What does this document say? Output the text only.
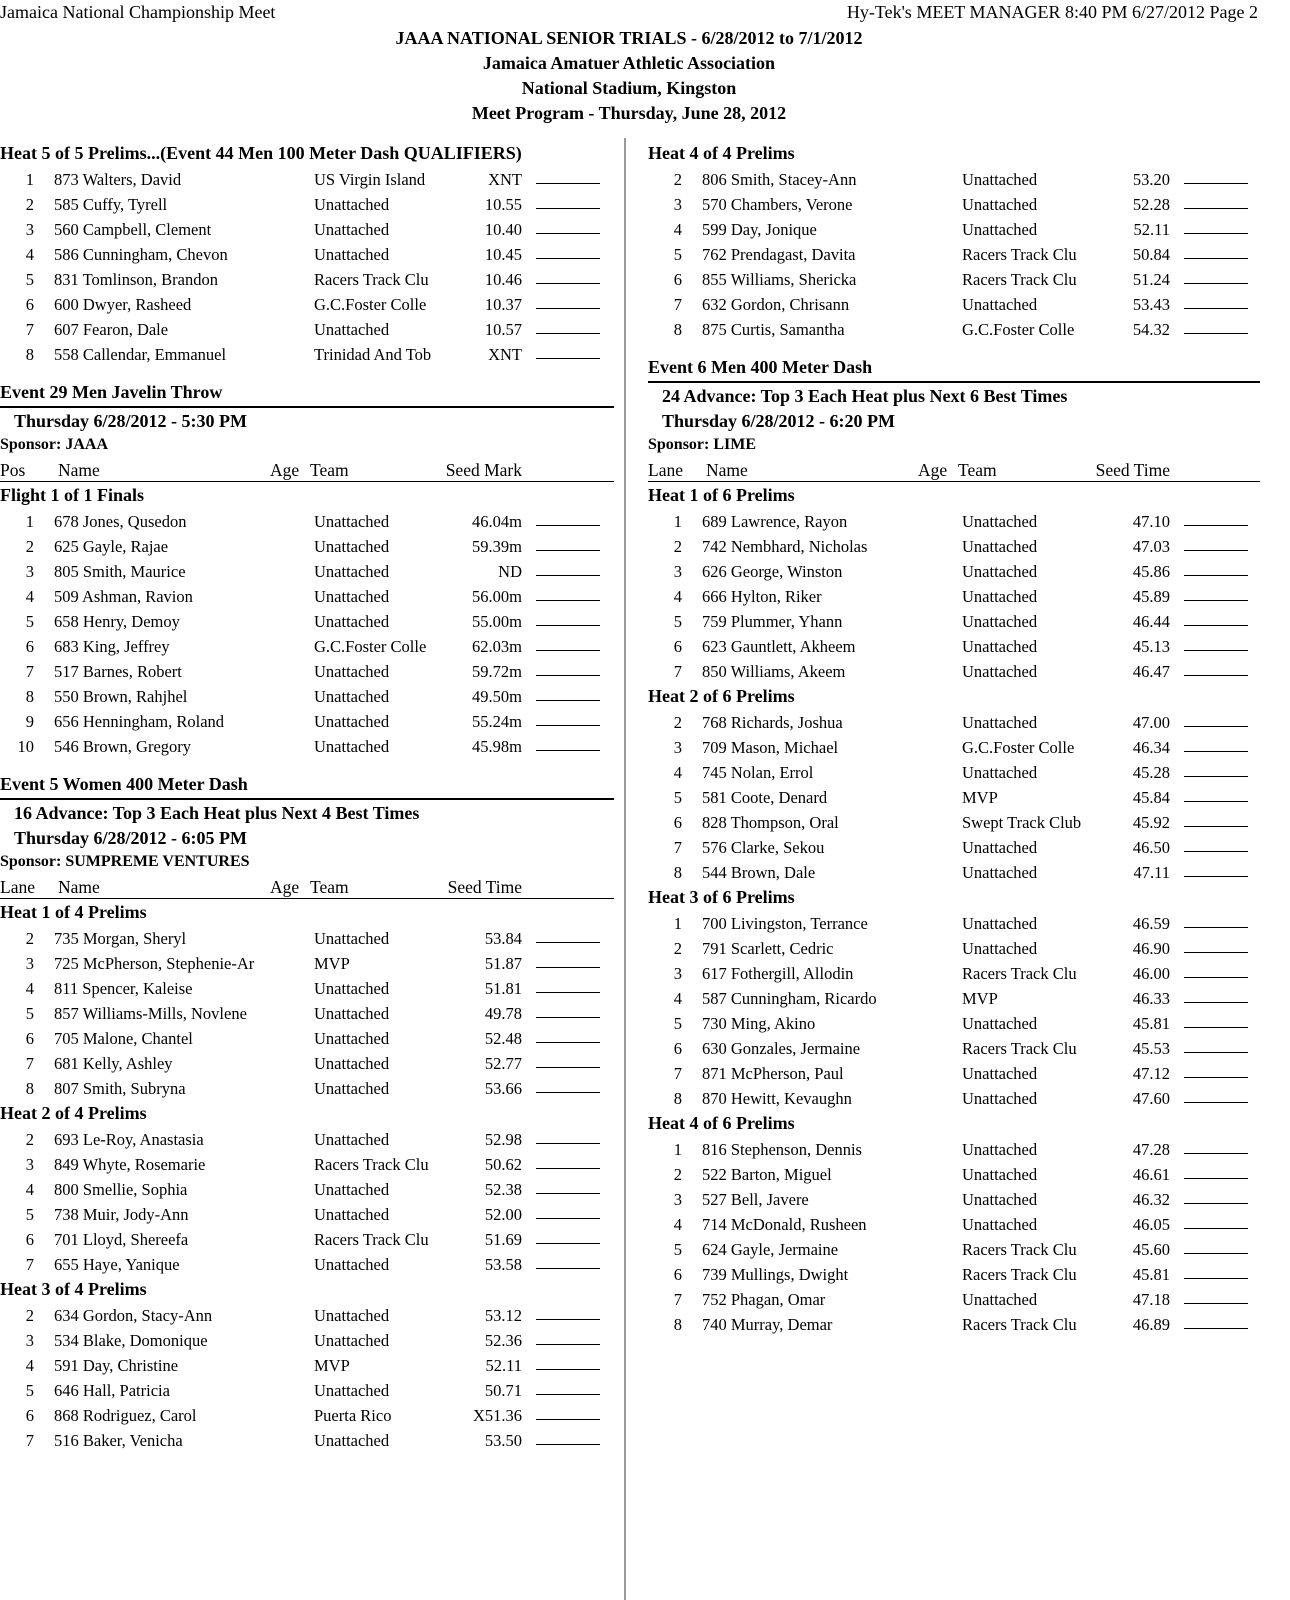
Jamaica National Championship Meet	Hy-Tek's MEET MANAGER 8:40 PM 6/27/2012 Page 2
JAAA NATIONAL SENIOR TRIALS - 6/28/2012 to 7/1/2012
Jamaica Amatuer Athletic Association
National Stadium, Kingston
Meet Program - Thursday, June 28, 2012
Heat 5 of 5 Prelims...(Event 44 Men 100 Meter Dash QUALIFIERS)
1 873 Walters, David	US Virgin Island	XNT
2 585 Cuffy, Tyrell	Unattached	10.55
3 560 Campbell, Clement	Unattached	10.40
4 586 Cunningham, Chevon	Unattached	10.45
5 831 Tomlinson, Brandon	Racers Track Clu	10.46
6 600 Dwyer, Rasheed	G.C.Foster Colle	10.37
7 607 Fearon, Dale	Unattached	10.57
8 558 Callendar, Emmanuel	Trinidad And Tob	XNT
Event 29 Men Javelin Throw
Thursday 6/28/2012 - 5:30 PM
Sponsor: JAAA
Pos Name	Age Team	Seed Mark
Flight 1 of 1 Finals
1 678 Jones, Qusedon	Unattached	46.04m
2 625 Gayle, Rajae	Unattached	59.39m
3 805 Smith, Maurice	Unattached	ND
4 509 Ashman, Ravion	Unattached	56.00m
5 658 Henry, Demoy	Unattached	55.00m
6 683 King, Jeffrey	G.C.Foster Colle	62.03m
7 517 Barnes, Robert	Unattached	59.72m
8 550 Brown, Rahjhel	Unattached	49.50m
9 656 Henningham, Roland	Unattached	55.24m
10 546 Brown, Gregory	Unattached	45.98m
Event 5 Women 400 Meter Dash
16 Advance: Top 3 Each Heat plus Next 4 Best Times
Thursday 6/28/2012 - 6:05 PM
Sponsor: SUMPREME VENTURES
Lane Name	Age Team	Seed Time
Heat 1 of 4 Prelims
2 735 Morgan, Sheryl	Unattached	53.84
3 725 McPherson, Stephenie-Ar	MVP	51.87
4 811 Spencer, Kaleise	Unattached	51.81
5 857 Williams-Mills, Novlene	Unattached	49.78
6 705 Malone, Chantel	Unattached	52.48
7 681 Kelly, Ashley	Unattached	52.77
8 807 Smith, Subryna	Unattached	53.66
Heat 2 of 4 Prelims
2 693 Le-Roy, Anastasia	Unattached	52.98
3 849 Whyte, Rosemarie	Racers Track Clu	50.62
4 800 Smellie, Sophia	Unattached	52.38
5 738 Muir, Jody-Ann	Unattached	52.00
6 701 Lloyd, Shereefa	Racers Track Clu	51.69
7 655 Haye, Yanique	Unattached	53.58
Heat 3 of 4 Prelims
2 634 Gordon, Stacy-Ann	Unattached	53.12
3 534 Blake, Domonique	Unattached	52.36
4 591 Day, Christine	MVP	52.11
5 646 Hall, Patricia	Unattached	50.71
6 868 Rodriguez, Carol	Puerta Rico	X51.36
7 516 Baker, Venicha	Unattached	53.50
Heat 4 of 4 Prelims
2 806 Smith, Stacey-Ann	Unattached	53.20
3 570 Chambers, Verone	Unattached	52.28
4 599 Day, Jonique	Unattached	52.11
5 762 Prendagast, Davita	Racers Track Clu	50.84
6 855 Williams, Shericka	Racers Track Clu	51.24
7 632 Gordon, Chrisann	Unattached	53.43
8 875 Curtis, Samantha	G.C.Foster Colle	54.32
Event 6 Men 400 Meter Dash
24 Advance: Top 3 Each Heat plus Next 6 Best Times
Thursday 6/28/2012 - 6:20 PM
Sponsor: LIME
Lane Name	Age Team	Seed Time
Heat 1 of 6 Prelims
1 689 Lawrence, Rayon	Unattached	47.10
2 742 Nembhard, Nicholas	Unattached	47.03
3 626 George, Winston	Unattached	45.86
4 666 Hylton, Riker	Unattached	45.89
5 759 Plummer, Yhann	Unattached	46.44
6 623 Gauntlett, Akheem	Unattached	45.13
7 850 Williams, Akeem	Unattached	46.47
Heat 2 of 6 Prelims
2 768 Richards, Joshua	Unattached	47.00
3 709 Mason, Michael	G.C.Foster Colle	46.34
4 745 Nolan, Errol	Unattached	45.28
5 581 Coote, Denard	MVP	45.84
6 828 Thompson, Oral	Swept Track Club	45.92
7 576 Clarke, Sekou	Unattached	46.50
8 544 Brown, Dale	Unattached	47.11
Heat 3 of 6 Prelims
1 700 Livingston, Terrance	Unattached	46.59
2 791 Scarlett, Cedric	Unattached	46.90
3 617 Fothergill, Allodin	Racers Track Clu	46.00
4 587 Cunningham, Ricardo	MVP	46.33
5 730 Ming, Akino	Unattached	45.81
6 630 Gonzales, Jermaine	Racers Track Clu	45.53
7 871 McPherson, Paul	Unattached	47.12
8 870 Hewitt, Kevaughn	Unattached	47.60
Heat 4 of 6 Prelims
1 816 Stephenson, Dennis	Unattached	47.28
2 522 Barton, Miguel	Unattached	46.61
3 527 Bell, Javere	Unattached	46.32
4 714 McDonald, Rusheen	Unattached	46.05
5 624 Gayle, Jermaine	Racers Track Clu	45.60
6 739 Mullings, Dwight	Racers Track Clu	45.81
7 752 Phagan, Omar	Unattached	47.18
8 740 Murray, Demar	Racers Track Clu	46.89
